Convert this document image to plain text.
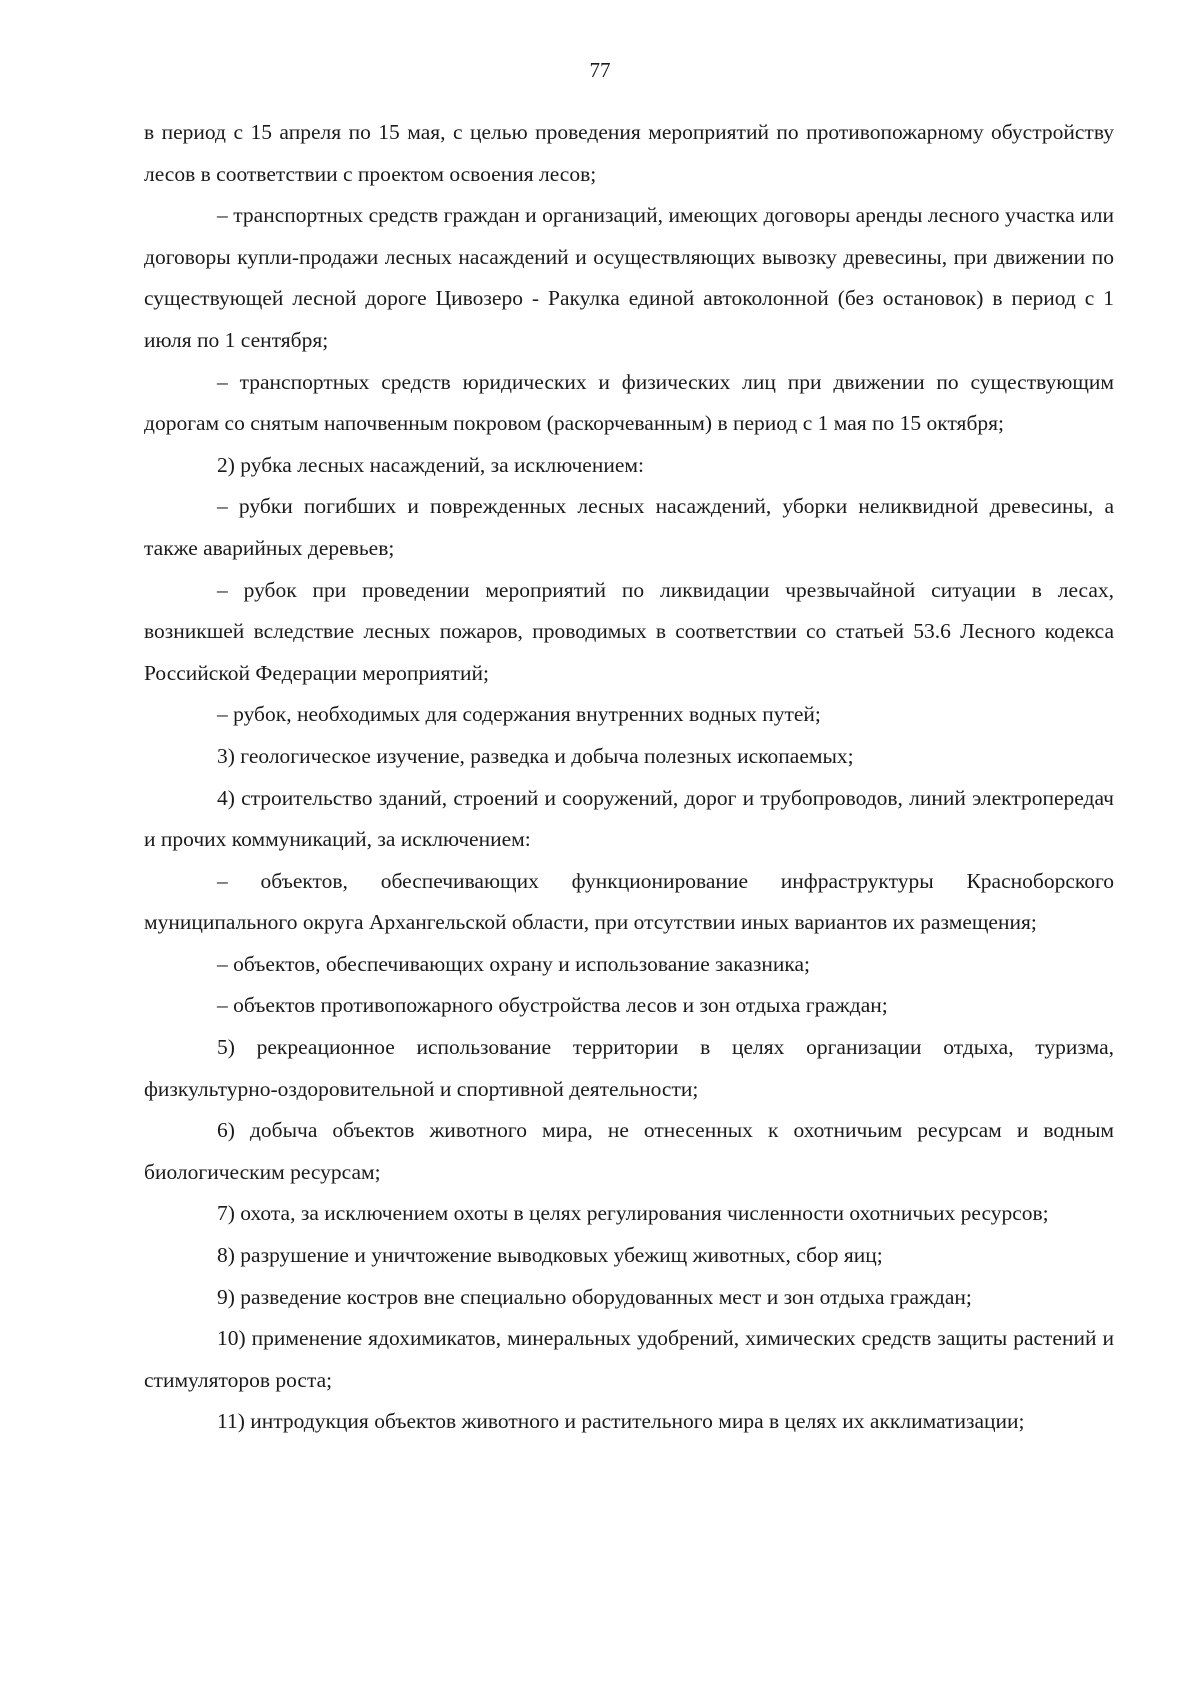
77

в период с 15 апреля по 15 мая, с целью проведения мероприятий по противопожарному обустройству лесов в соответствии с проектом освоения лесов;

– транспортных средств граждан и организаций, имеющих договоры аренды лесного участка или договоры купли-продажи лесных насаждений и осуществляющих вывозку древесины, при движении по существующей лесной дороге Цивозеро - Ракулка единой автоколонной (без остановок) в период с 1 июля по 1 сентября;

– транспортных средств юридических и физических лиц при движении по существующим дорогам со снятым напочвенным покровом (раскорчеванным) в период с 1 мая по 15 октября;

2) рубка лесных насаждений, за исключением:

– рубки погибших и поврежденных лесных насаждений, уборки неликвидной древесины, а также аварийных деревьев;

– рубок при проведении мероприятий по ликвидации чрезвычайной ситуации в лесах, возникшей вследствие лесных пожаров, проводимых в соответствии со статьей 53.6 Лесного кодекса Российской Федерации мероприятий;

– рубок, необходимых для содержания внутренних водных путей;

3) геологическое изучение, разведка и добыча полезных ископаемых;

4) строительство зданий, строений и сооружений, дорог и трубопроводов, линий электропередач и прочих коммуникаций, за исключением:

– объектов, обеспечивающих функционирование инфраструктуры Красноборского муниципального округа Архангельской области, при отсутствии иных вариантов их размещения;

– объектов, обеспечивающих охрану и использование заказника;

– объектов противопожарного обустройства лесов и зон отдыха граждан;

5) рекреационное использование территории в целях организации отдыха, туризма, физкультурно-оздоровительной и спортивной деятельности;

6) добыча объектов животного мира, не отнесенных к охотничьим ресурсам и водным биологическим ресурсам;

7) охота, за исключением охоты в целях регулирования численности охотничьих ресурсов;

8) разрушение и уничтожение выводковых убежищ животных, сбор яиц;

9) разведение костров вне специально оборудованных мест и зон отдыха граждан;

10) применение ядохимикатов, минеральных удобрений, химических средств защиты растений и стимуляторов роста;

11) интродукция объектов животного и растительного мира в целях их акклиматизации;
